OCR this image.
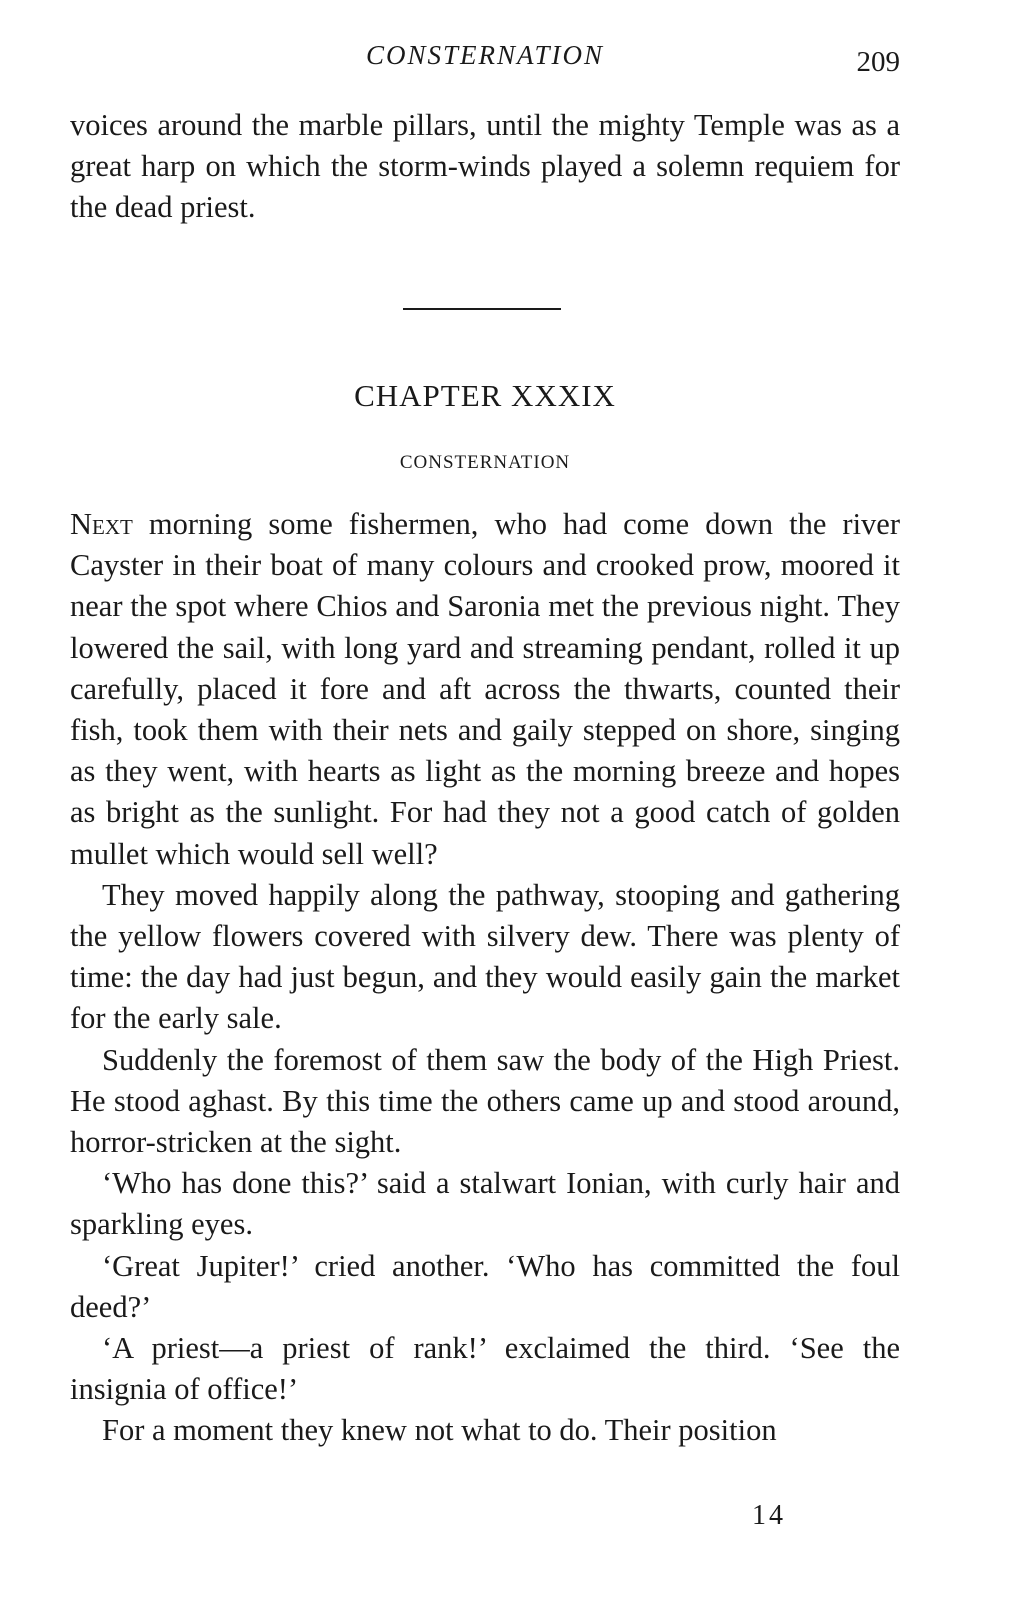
CONSTERNATION	209

voices around the marble pillars, until the mighty Temple was as a great harp on which the storm-winds played a solemn requiem for the dead priest.

CHAPTER XXXIX
CONSTERNATION

Next morning some fishermen, who had come down the river Cayster in their boat of many colours and crooked prow, moored it near the spot where Chios and Saronia met the previous night. They lowered the sail, with long yard and streaming pendant, rolled it up carefully, placed it fore and aft across the thwarts, counted their fish, took them with their nets and gaily stepped on shore, singing as they went, with hearts as light as the morning breeze and hopes as bright as the sunlight. For had they not a good catch of golden mullet which would sell well?

They moved happily along the pathway, stooping and gathering the yellow flowers covered with silvery dew. There was plenty of time: the day had just begun, and they would easily gain the market for the early sale.

Suddenly the foremost of them saw the body of the High Priest. He stood aghast. By this time the others came up and stood around, horror-stricken at the sight.

‘Who has done this?’ said a stalwart Ionian, with curly hair and sparkling eyes.

‘Great Jupiter!’ cried another. ‘Who has committed the foul deed?’

‘A priest—a priest of rank!’ exclaimed the third. ‘See the insignia of office!’

For a moment they knew not what to do. Their position

14
